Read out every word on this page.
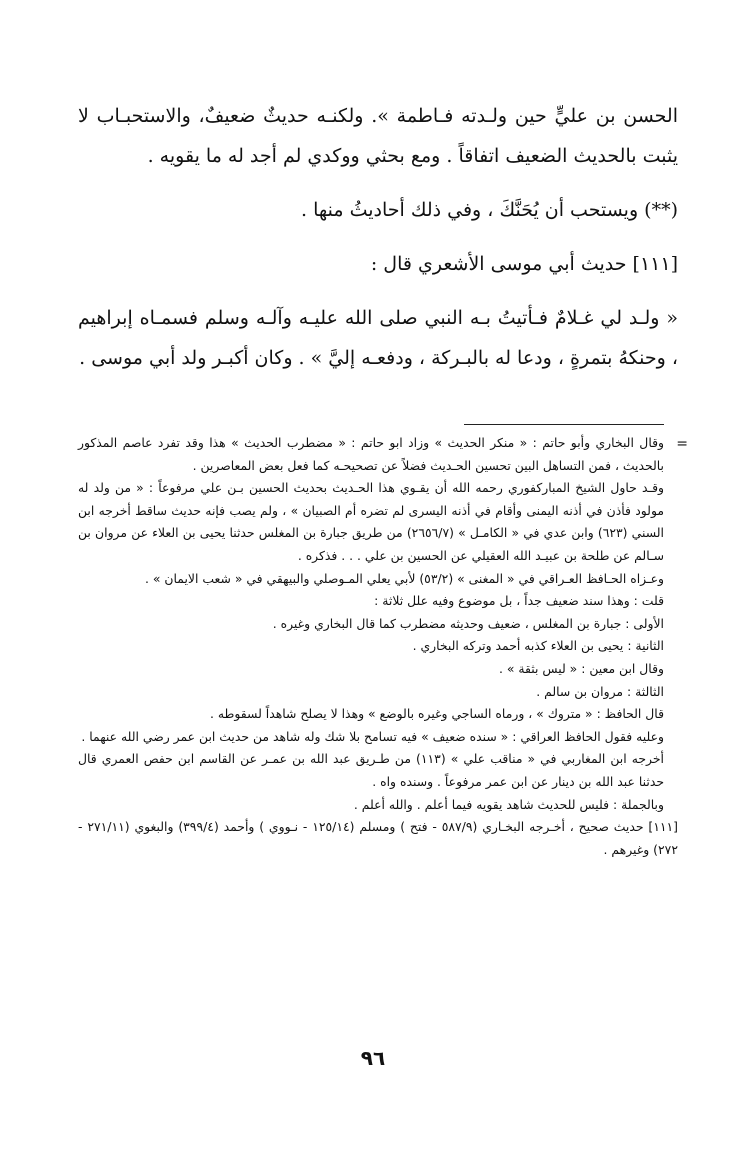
الحسن بن عليٍّ حين ولـدته فـاطمة ». ولكنـه حديثٌ ضعيفٌ، والاستحبـاب لا يثبت بالحديث الضعيف اتفاقاً . ومع بحثي ووكدي لم أجد له ما يقويه .

(**) ويستحب أن يُحَنَّكَ ، وفي ذلك أحاديثُ منها .

[١١١] حديث أبي موسى الأشعري قال :

« ولـد لي غـلامٌ فـأتيتُ بـه النبي صلى الله عليـه وآلـه وسلم فسمـاه إبراهيم ، وحنكهُ بتمرةٍ ، ودعا له بالبـركة ، ودفعـه إليَّ » . وكان أكبـر ولد أبي موسى .

=

وقال البخاري وأبو حاتم : « منكر الحديث » وزاد ابو حاتم : « مضطرب الحديث » هذا وقد تفرد عاصم المذكور بالحديث ، فمن التساهل البين تحسين الحـديث فضلاً عن تصحيحـه كما فعل بعض المعاصرين .

وقـد حاول الشيخ المباركفوري رحمه الله أن يقـوي هذا الحـديث بحديث الحسين بـن علي مرفوعاً : « من ولد له مولود فأذن في أذنه اليمنى وأقام في أذنه اليسرى لم تضره أم الصبيان » ، ولم يصب فإنه حديث ساقط أخرجه ابن السني (٦٢٣) وابن عدي في « الكامـل » (٢٦٥٦/٧) من طريق جبارة بن المغلس حدثنا يحيى بن العلاء عن مروان بن سـالم عن طلحة بن عبيـد الله العقيلي عن الحسين بن علي . . . فذكره .

وعـزاه الحـافظ العـراقي في « المغنى » (٥٣/٢) لأبي يعلي المـوصلي والبيهقي في « شعب الايمان » .

قلت : وهذا سند ضعيف جداً ، بل موضوع وفيه علل ثلاثة :

الأولى : جبارة بن المغلس ، ضعيف وحديثه مضطرب كما قال البخاري وغيره .

الثانية : يحيى بن العلاء كذبه أحمد وتركه البخاري .

وقال ابن معين : « ليس بثقة » .

الثالثة : مروان بن سالم .

قال الحافظ : « متروك » ، ورماه الساجي وغيره بالوضع » وهذا لا يصلح شاهداً لسقوطه .

وعليه فقول الحافظ العراقي : « سنده ضعيف » فيه تسامح بلا شك وله شاهد من حديث ابن عمر رضي الله عنهما .

أخرجه ابن المغاربي في « مناقب علي » (١١٣) من طـريق عبد الله بن عمـر عن القاسم ابن حفص العمري قال حدثنا عبد الله بن دينار عن ابن عمر مرفوعاً . وسنده واه .

وبالجملة : فليس للحديث شاهد يقويه فيما أعلم . والله أعلم .

[١١١] حديث صحيح ، أخـرجه البخـاري (٥٨٧/٩ - فتح ) ومسلم (١٢٥/١٤ - نـووي ) وأحمد (٣٩٩/٤) والبغوي (٢٧١/١١ - ٢٧٢) وغيرهم .

٩٦
